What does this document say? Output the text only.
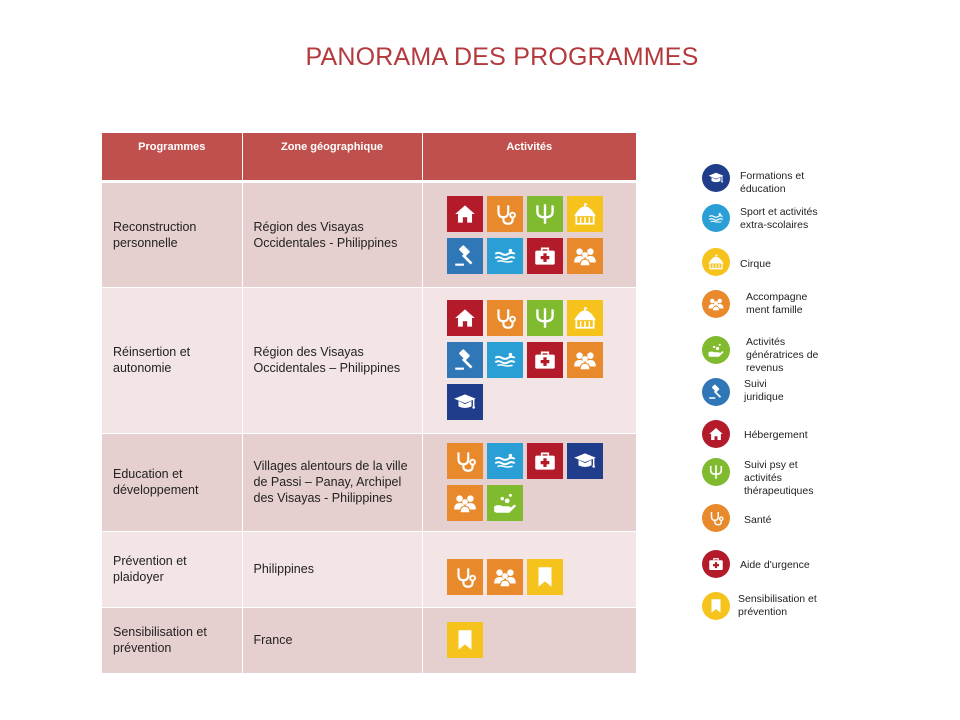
PANORAMA DES PROGRAMMES
Programmes	Zone géographique	Activités
Reconstruction personnelle	Région des Visayas Occidentales - Philippines	

Réinsertion et autonomie	Région des Visayas Occidentales – Philippines	

Education et développement	Villages alentours de la ville de Passi – Panay, Archipel des Visayas - Philippines	

Prévention et plaidoyer	Philippines	

Sensibilisation et prévention	France	
Formations et
éducation
Sport et activités
extra-scolaires
Cirque
Accompagne
ment famille
Activités
génératrices de
revenus
Suivi
juridique
Hébergement
Suivi psy et
activités
thérapeutiques
Santé
Aide d'urgence
Sensibilisation et
prévention
